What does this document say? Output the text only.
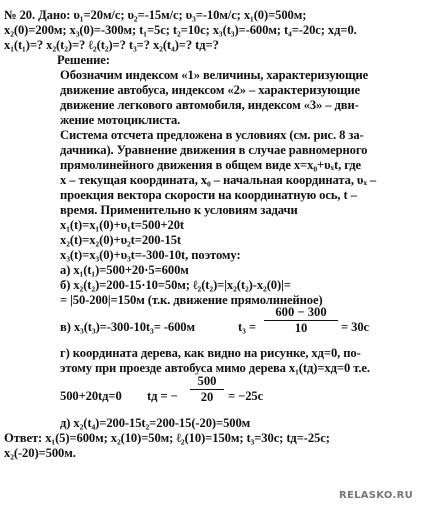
№ 20. Дано: υ₁=20м/с; υ₂=-15м/с; υ₃=-10м/с; x₁(0)=500м;
x₂(0)=200м; x₃(0)=-300м; t₁=5с; t₂=10с; x₃(t₃)=-600м; t₄=-20с; xд=0.
x₁(t₁)=? x₂(t₂)=? ℓ₂(t₂)=? t₃=? x₂(t₄)=? tд=?
Решение:
Обозначим индексом «1» величины, характеризующие
движение автобуса, индексом «2» – характеризующие
движение легкового автомобиля, индексом «3» – дви-
жение мотоциклиста.
Система отсчета предложена в условиях (см. рис. 8 за-
дачника). Уравнение движения в случае равномерного
прямолинейного движения в общем виде x=x₀+υₓt, где
x – текущая координата, x₀ – начальная координата, υₓ –
проекция вектора скорости на координатную ось, t –
время. Применительно к условиям задачи
x₁(t)=x₁(0)+υ₁t=500+20t
x₂(t)=x₂(0)+υ₂t=200-15t
x₃(t)=x₃(0)+υ₃t=-300-10t, поэтому:
а) x₁(t₁)=500+20·5=600м
б) x₂(t₂)=200-15·10=50м; ℓ₂(t₂)=|x₂(t₂)-x₂(0)|=
= |50-200|=150м (т.к. движение прямолинейное)
в) x₃(t₃)=-300-10t₃= -600м	t₃ =
600 − 300
10	= 30с
г) координата дерева, как видно на рисунке, xд=0, по-
этому при проезде автобуса мимо дерева x₁(tд)=xд=0 т.е.
500+20tд=0 tд = −
500
20	= −25с
д) x₂(t₄)=200-15t₂=200-15(-20)=500м
Ответ: x₁(5)=600м; x₂(10)=50м; ℓ₂(10)=150м; t₃=30с; tд=-25с;
x₂(-20)=500м.
RELASKO.RU
